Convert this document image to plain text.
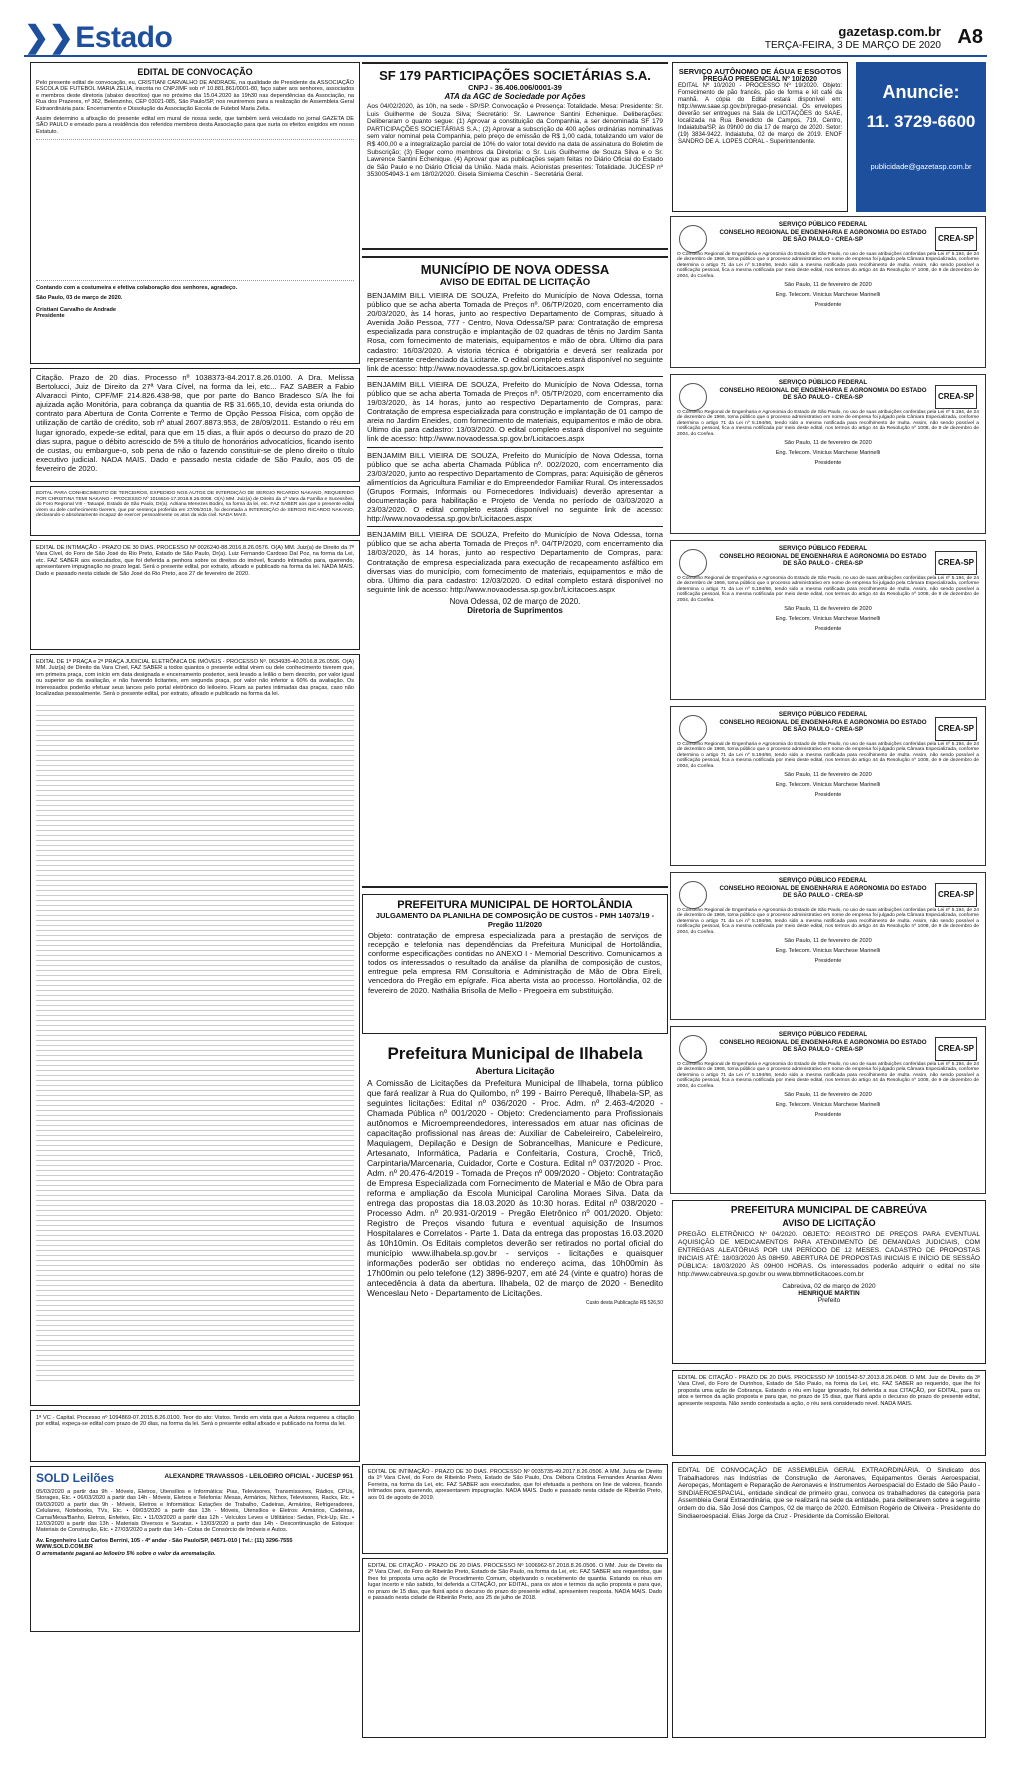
❯❯Estado	gazetasp.com.br
TERÇA-FEIRA, 3 DE MARÇO DE 2020 A8
EDITAL DE CONVOCAÇÃO
Pelo presente edital de convocação, eu, CRISTIANI CARVALHO DE ANDRADE, na qualidade de Presidente da ASSOCIAÇÃO ESCOLA DE FUTEBOL MARIA ZELIA, inscrita no CNPJ/MF sob nº 10.881.861/0001-80, faço saber aos senhores, associados e membros deste diretoria (abaixo descritos) que no próximo dia 15.04.2020 às 19h30 nas dependências da Associação, na Rua dos Prazeres, nº 362, Belenzinho, CEP 03021-085, São Paulo/SP, nos reuniremos para a realização de Assembleia Geral Extraordinária para: Encerramento e Dissolução da Associação Escola de Futebol Maria Zelia.
Assim determino a afixação do presente edital em mural de nossa sede, que também será veiculado no jornal GAZETA DE SÃO PAULO e enviado para a residência dos referidos membros desta Associação para que surta os efeitos exigidos em nosso Estatuto.
Contando com a costumeira e efetiva colaboração dos senhores, agradeço.
São Paulo, 03 de março de 2020.
Cristiani Carvalho de Andrade
Presidente
Citação. Prazo de 20 dias. Processo nº 1038373-84.2017.8.26.0100. A Dra. Melissa Bertolucci, Juiz de Direito da 27ª Vara Cível, na forma da lei, etc... FAZ SABER a Fabio Alvaracci Pinto, CPF/MF 214.826.438-98, que por parte do Banco Bradesco S/A lhe foi ajuizada ação Monitória, para cobrança da quantia de R$ 31.665,10, devida esta oriunda do contrato para Abertura de Conta Corrente e Termo de Opção Pessoa Física, com opção de utilização de cartão de crédito, sob nº atual 2607.8873.953, de 28/09/2011. Estando o réu em lugar ignorado, expede-se edital, para que em 15 dias, a fluir após o decurso do prazo de 20 dias supra, pague o débito acrescido de 5% a título de honorários advocatícios, ficando isento de custas, ou embargue-o, sob pena de não o fazendo constituir-se de pleno direito o título executivo judicial. NADA MAIS. Dado e passado nesta cidade de São Paulo, aos 05 de fevereiro de 2020.
EDITAL PARA CONHECIMENTO DE TERCEIROS, EXPEDIDO NOS AUTOS DE INTERDIÇÃO DE SERGIO RICARDO NAKANO, REQUERIDO POR CHRISTINA TEMI NAKANO - PROCESSO Nº 1016816-17.2018.8.26.0008. O(A) MM. Juiz(a) de Direito da 1ª Vara da Família e Sucessões, do Foro Regional VIII - Tatuapé, Estado de São Paulo, Dr(a). Adriana Menezes Bodini, na forma da lei, etc. FAZ SABER aos que o presente edital virem ou dele conhecimento tiverem, que por sentença proferida em 27/05/2019, foi decretada a INTERDIÇÃO de SERGIO RICARDO NAKANO, declarando-o absolutamente incapaz de exercer pessoalmente os atos da vida civil. NADA MAIS.
EDITAL DE INTIMAÇÃO - PRAZO DE 30 DIAS. PROCESSO Nº 0026240-88.2016.8.26.0576. O(A) MM. Juiz(a) de Direito da 7ª Vara Cível, do Foro de São José do Rio Preto, Estado de São Paulo, Dr(a). Luiz Fernando Cardoso Dal Poz, na forma da Lei, etc. FAZ SABER aos executados, que foi deferida a penhora sobre os direitos do imóvel, ficando intimados para, querendo, apresentarem impugnação no prazo legal. Será o presente edital, por extrato, afixado e publicado na forma da lei. NADA MAIS. Dado e passado nesta cidade de São José do Rio Preto, aos 27 de fevereiro de 2020.
EDITAL DE 1ª PRAÇA e 2ª PRAÇA JUDICIAL ELETRÔNICA DE IMÓVEIS - PROCESSO Nº. 0634935-40.2016.8.26.0506. O(A) MM. Juiz(a) de Direito da Vara Cível, FAZ SABER a todos quantos o presente edital virem ou dele conhecimento tiverem que, em primeira praça, com início em data designada e encerramento posterior, será levado a leilão o bem descrito, por valor igual ou superior ao da avaliação, e não havendo licitantes, em segunda praça, por valor não inferior a 60% da avaliação. Os interessados poderão efetuar seus lances pelo portal eletrônico do leiloeiro. Ficam as partes intimadas das praças, caso não localizadas pessoalmente. Será o presente edital, por extrato, afixado e publicado na forma da lei.
1ª VC - Capital. Processo nº 1094869-07.2015.8.26.0100. Teor do ato: Vistos. Tendo em vista que a Autora requereu a citação por edital, expeça-se edital com prazo de 20 dias, na forma da lei. Será o presente edital afixado e publicado na forma da lei.
SOLD Leilões	ALEXANDRE TRAVASSOS - LEILOEIRO OFICIAL - JUCESP 951
05/03/2020 a partir das 9h - Móveis, Eletros, Utensílios e Informática: Pias, Televisores, Transmissores, Rádios, CPUs, Storages, Etc. • 06/03/2020 a partir das 14h - Móveis, Eletros e Telefonia: Mesas, Armários, Nichos, Televisores, Racks, Etc. • 09/03/2020 a partir das 9h - Móveis, Eletros e Informática: Estações de Trabalho, Cadeiras, Armários, Refrigeradores, Celulares, Notebooks, TVs, Etc. • 09/03/2020 a partir das 13h - Móveis, Utensílios e Eletros: Armários, Cadeiras, Cama/Mesa/Banho, Eletros, Enfeites, Etc. • 11/03/2020 a partir das 12h - Veículos Leves e Utilitários: Sedan, Pick-Up, Etc. • 12/03/2020 a partir das 13h - Materiais Diversos e Sucatas. • 13/03/2020 a partir das 14h - Descontinuação de Estoque: Materiais de Construção, Etc. • 27/03/2020 a partir das 14h - Cotas de Consórcio de Imóveis e Autos.
Av. Engenheiro Luiz Carlos Berrini, 105 - 4º andar - São Paulo/SP, 04571-010 | Tel.: (11) 3296-7555
WWW.SOLD.COM.BR
O arrematante pagará ao leiloeiro 5% sobre o valor da arrematação.
SF 179 PARTICIPAÇÕES SOCIETÁRIAS S.A.
CNPJ - 36.406.006/0001-39
ATA da AGC de Sociedade por Ações
Aos 04/02/2020, às 10h, na sede - SP/SP. Convocação e Presença: Totalidade. Mesa: Presidente: Sr. Luis Guilherme de Souza Silva; Secretário: Sr. Lawrence Santini Echenique. Deliberações: Deliberaram o quanto segue: (1) Aprovar a constituição da Companhia, a ser denominada SF 179 PARTICIPAÇÕES SOCIETÁRIAS S.A.; (2) Aprovar a subscrição de 400 ações ordinárias nominativas sem valor nominal pela Companhia, pelo preço de emissão de R$ 1,00 cada, totalizando um valor de R$ 400,00 e a integralização parcial de 10% do valor total devido na data de assinatura do Boletim de Subscrição; (3) Eleger como membros da Diretoria: o Sr. Luis Guilherme de Souza Silva e o Sr. Lawrence Santini Echenique. (4) Aprovar que as publicações sejam feitas no Diário Oficial do Estado de São Paulo e no Diário Oficial da União. Nada mais. Acionistas presentes: Totalidade. JUCESP nº 3530054943-1 em 18/02/2020. Gisela Simiema Ceschin - Secretária Geral.
MUNICÍPIO DE NOVA ODESSA
AVISO DE EDITAL DE LICITAÇÃO
BENJAMIM BILL VIEIRA DE SOUZA, Prefeito do Município de Nova Odessa, torna público que se acha aberta Tomada de Preços nº. 06/TP/2020, com encerramento dia 20/03/2020, às 14 horas, junto ao respectivo Departamento de Compras, situado à Avenida João Pessoa, 777 - Centro, Nova Odessa/SP para: Contratação de empresa especializada para construção e implantação de 02 quadras de tênis no Jardim Santa Rosa, com fornecimento de materiais, equipamentos e mão de obra. Último dia para cadastro: 16/03/2020. A vistoria técnica é obrigatória e deverá ser realizada por representante credenciado da Licitante. O edital completo estará disponível no seguinte link de acesso: http://www.novaodessa.sp.gov.br/Licitacoes.aspx
BENJAMIM BILL VIEIRA DE SOUZA, Prefeito do Município de Nova Odessa, torna público que se acha aberta Tomada de Preços nº. 05/TP/2020, com encerramento dia 19/03/2020, às 14 horas, junto ao respectivo Departamento de Compras, para: Contratação de empresa especializada para construção e implantação de 01 campo de areia no Jardim Eneides, com fornecimento de materiais, equipamentos e mão de obra. Último dia para cadastro: 13/03/2020. O edital completo estará disponível no seguinte link de acesso: http://www.novaodessa.sp.gov.br/Licitacoes.aspx
BENJAMIM BILL VIEIRA DE SOUZA, Prefeito do Município de Nova Odessa, torna público que se acha aberta Chamada Pública nº. 002/2020, com encerramento dia 23/03/2020, junto ao respectivo Departamento de Compras, para: Aquisição de gêneros alimentícios da Agricultura Familiar e do Empreendedor Familiar Rural. Os interessados (Grupos Formais, Informais ou Fornecedores Individuais) deverão apresentar a documentação para habilitação e Projeto de Venda no período de 03/03/2020 a 23/03/2020. O edital completo estará disponível no seguinte link de acesso: http://www.novaodessa.sp.gov.br/Licitacoes.aspx
BENJAMIM BILL VIEIRA DE SOUZA, Prefeito do Município de Nova Odessa, torna público que se acha aberta Tomada de Preços nº. 04/TP/2020, com encerramento dia 18/03/2020, às 14 horas, junto ao respectivo Departamento de Compras, para: Contratação de empresa especializada para execução de recapeamento asfáltico em diversas vias do município, com fornecimento de materiais, equipamentos e mão de obra. Último dia para cadastro: 12/03/2020. O edital completo estará disponível no seguinte link de acesso: http://www.novaodessa.sp.gov.br/Licitacoes.aspx
Nova Odessa, 02 de março de 2020.
Diretoria de Suprimentos
PREFEITURA MUNICIPAL DE HORTOLÂNDIA
JULGAMENTO DA PLANILHA DE COMPOSIÇÃO DE CUSTOS - PMH 14073/19 - Pregão 11/2020
Objeto: contratação de empresa especializada para a prestação de serviços de recepção e telefonia nas dependências da Prefeitura Municipal de Hortolândia, conforme especificações contidas no ANEXO I - Memorial Descritivo. Comunicamos a todos os interessados o resultado da análise da planilha de composição de custos, entregue pela empresa RM Consultoria e Administração de Mão de Obra Eireli, vencedora do Pregão em epígrafe. Fica aberta vista ao processo. Hortolândia, 02 de fevereiro de 2020. Nathália Brisolla de Mello - Pregoeira em substituição.
Prefeitura Municipal de Ilhabela
Abertura Licitação
A Comissão de Licitações da Prefeitura Municipal de Ilhabela, torna público que fará realizar à Rua do Quilombo, nº 199 - Bairro Perequê, Ilhabela-SP, as seguintes licitações: Edital nº 036/2020 - Proc. Adm. nº 2.463-4/2020 - Chamada Pública nº 001/2020 - Objeto: Credenciamento para Profissionais autônomos e Microempreendedores, interessados em atuar nas oficinas de capacitação profissional nas áreas de: Auxiliar de Cabeleireiro, Cabeleireiro, Maquiagem, Depilação e Design de Sobrancelhas, Manicure e Pedicure, Artesanato, Informática, Padaria e Confeitaria, Costura, Crochê, Tricô, Carpintaria/Marcenaria, Cuidador, Corte e Costura. Edital nº 037/2020 - Proc. Adm. nº 20.476-4/2019 - Tomada de Preços nº 009/2020 - Objeto: Contratação de Empresa Especializada com Fornecimento de Material e Mão de Obra para reforma e ampliação da Escola Municipal Carolina Moraes Silva. Data da entrega das propostas dia 18.03.2020 às 10:30 horas. Edital nº 038/2020 - Processo Adm. nº 20.931-0/2019 - Pregão Eletrônico nº 001/2020. Objeto: Registro de Preços visando futura e eventual aquisição de Insumos Hospitalares e Correlatos - Parte 1. Data da entrega das propostas 16.03.2020 às 10h10min. Os Editais completos deverão ser retirados no portal oficial do município www.ilhabela.sp.gov.br - serviços - licitações e quaisquer informações poderão ser obtidas no endereço acima, das 10h00min às 17h00min ou pelo telefone (12) 3896-9207, em até 24 (vinte e quatro) horas de antecedência à data da abertura. Ilhabela, 02 de março de 2020 - Benedito Wenceslau Neto - Departamento de Licitações.
Custo desta Publicação R$ 526,50
EDITAL DE INTIMAÇÃO - PRAZO DE 30 DIAS. PROCESSO Nº 0035735-49.2017.8.26.0506. A MM. Juíza de Direito da 1ª Vara Cível, do Foro de Ribeirão Preto, Estado de São Paulo, Dra. Débora Cristina Fernandes Ananias Alves Ferreira, na forma da Lei, etc. FAZ SABER aos executados, que foi efetuada a penhora on line de valores, ficando intimados para, querendo, apresentarem impugnação. NADA MAIS. Dado e passado nesta cidade de Ribeirão Preto, aos 01 de agosto de 2019.
EDITAL DE CITAÇÃO - PRAZO DE 20 DIAS. PROCESSO Nº 1006962-57.2018.8.26.0506. O MM. Juiz de Direito da 2ª Vara Cível, do Foro de Ribeirão Preto, Estado de São Paulo, na forma da Lei, etc. FAZ SABER aos requeridos, que lhes foi proposta uma ação de Procedimento Comum, objetivando o recebimento de quantia. Estando os réus em lugar incerto e não sabido, foi deferida a CITAÇÃO, por EDITAL, para os atos e termos da ação proposta e para que, no prazo de 15 dias, que fluirá após o decurso do prazo do presente edital, apresentem resposta. NADA MAIS. Dado e passado nesta cidade de Ribeirão Preto, aos 25 de julho de 2018.
SERVIÇO AUTÔNOMO DE ÁGUA E ESGOTOS
PREGÃO PRESENCIAL Nº 10/2020
EDITAL Nº 10/2020 - PROCESSO Nº 19/2020. Objeto: Fornecimento de pão francês, pão de forma e kit café da manhã. A cópia do Edital estará disponível em: http://www.saae.sp.gov.br/pregao-presencial. Os envelopes deverão ser entregues na Sala de LICITAÇÕES do SAAE, localizada na Rua Benedicto de Campos, 719, Centro, Indaiatuba/SP, às 09h00 do dia 17 de março de 2020. Setor: (19) 3834-9422. Indaiatuba, 02 de março de 2019. ENOF SANDRO DE A. LOPES CORAL - Superintendente.
Anuncie:
11. 3729-6600
publicidade@gazetasp.com.br
CREA-SP
SERVIÇO PÚBLICO FEDERAL
CONSELHO REGIONAL DE ENGENHARIA E AGRONOMIA DO ESTADO DE SÃO PAULO - CREA-SP
O Conselho Regional de Engenharia e Agronomia do Estado de São Paulo, no uso de suas atribuições conferidas pela Lei nº 5.194, de 24 de dezembro de 1966, torna público que o processo administrativo em nome de empresa foi julgado pela Câmara Especializada, conforme determina o artigo 71 da Lei nº 5.194/66, tendo sido a mesma notificada para recolhimento de multa. Assim, não sendo possível a notificação pessoal, fica a mesma notificada por meio deste edital, nos termos do artigo 44 da Resolução nº 1008, de 9 de dezembro de 2004, do Confea.
São Paulo, 11 de fevereiro de 2020
Eng. Telecom. Vinicius Marchese Marinelli
Presidente
CREA-SP
SERVIÇO PÚBLICO FEDERAL
CONSELHO REGIONAL DE ENGENHARIA E AGRONOMIA DO ESTADO DE SÃO PAULO - CREA-SP
O Conselho Regional de Engenharia e Agronomia do Estado de São Paulo, no uso de suas atribuições conferidas pela Lei nº 5.194, de 24 de dezembro de 1966, torna público que o processo administrativo em nome de empresa foi julgado pela Câmara Especializada, conforme determina o artigo 71 da Lei nº 5.194/66, tendo sido a mesma notificada para recolhimento de multa. Assim, não sendo possível a notificação pessoal, fica a mesma notificada por meio deste edital, nos termos do artigo 44 da Resolução nº 1008, de 9 de dezembro de 2004, do Confea.
São Paulo, 11 de fevereiro de 2020
Eng. Telecom. Vinicius Marchese Marinelli
Presidente
CREA-SP
SERVIÇO PÚBLICO FEDERAL
CONSELHO REGIONAL DE ENGENHARIA E AGRONOMIA DO ESTADO DE SÃO PAULO - CREA-SP
O Conselho Regional de Engenharia e Agronomia do Estado de São Paulo, no uso de suas atribuições conferidas pela Lei nº 5.194, de 24 de dezembro de 1966, torna público que o processo administrativo em nome de empresa foi julgado pela Câmara Especializada, conforme determina o artigo 71 da Lei nº 5.194/66, tendo sido a mesma notificada para recolhimento de multa. Assim, não sendo possível a notificação pessoal, fica a mesma notificada por meio deste edital, nos termos do artigo 44 da Resolução nº 1008, de 9 de dezembro de 2004, do Confea.
São Paulo, 11 de fevereiro de 2020
Eng. Telecom. Vinicius Marchese Marinelli
Presidente
CREA-SP
SERVIÇO PÚBLICO FEDERAL
CONSELHO REGIONAL DE ENGENHARIA E AGRONOMIA DO ESTADO DE SÃO PAULO - CREA-SP
O Conselho Regional de Engenharia e Agronomia do Estado de São Paulo, no uso de suas atribuições conferidas pela Lei nº 5.194, de 24 de dezembro de 1966, torna público que o processo administrativo em nome de empresa foi julgado pela Câmara Especializada, conforme determina o artigo 71 da Lei nº 5.194/66, tendo sido a mesma notificada para recolhimento de multa. Assim, não sendo possível a notificação pessoal, fica a mesma notificada por meio deste edital, nos termos do artigo 44 da Resolução nº 1008, de 9 de dezembro de 2004, do Confea.
São Paulo, 11 de fevereiro de 2020
Eng. Telecom. Vinicius Marchese Marinelli
Presidente
CREA-SP
SERVIÇO PÚBLICO FEDERAL
CONSELHO REGIONAL DE ENGENHARIA E AGRONOMIA DO ESTADO DE SÃO PAULO - CREA-SP
O Conselho Regional de Engenharia e Agronomia do Estado de São Paulo, no uso de suas atribuições conferidas pela Lei nº 5.194, de 24 de dezembro de 1966, torna público que o processo administrativo em nome de empresa foi julgado pela Câmara Especializada, conforme determina o artigo 71 da Lei nº 5.194/66, tendo sido a mesma notificada para recolhimento de multa. Assim, não sendo possível a notificação pessoal, fica a mesma notificada por meio deste edital, nos termos do artigo 44 da Resolução nº 1008, de 9 de dezembro de 2004, do Confea.
São Paulo, 11 de fevereiro de 2020
Eng. Telecom. Vinicius Marchese Marinelli
Presidente
CREA-SP
SERVIÇO PÚBLICO FEDERAL
CONSELHO REGIONAL DE ENGENHARIA E AGRONOMIA DO ESTADO DE SÃO PAULO - CREA-SP
O Conselho Regional de Engenharia e Agronomia do Estado de São Paulo, no uso de suas atribuições conferidas pela Lei nº 5.194, de 24 de dezembro de 1966, torna público que o processo administrativo em nome de empresa foi julgado pela Câmara Especializada, conforme determina o artigo 71 da Lei nº 5.194/66, tendo sido a mesma notificada para recolhimento de multa. Assim, não sendo possível a notificação pessoal, fica a mesma notificada por meio deste edital, nos termos do artigo 44 da Resolução nº 1008, de 9 de dezembro de 2004, do Confea.
São Paulo, 11 de fevereiro de 2020
Eng. Telecom. Vinicius Marchese Marinelli
Presidente
PREFEITURA MUNICIPAL DE CABREÚVA
AVISO DE LICITAÇÃO
PREGÃO ELETRÔNICO Nº 04/2020. OBJETO: REGISTRO DE PREÇOS PARA EVENTUAL AQUISIÇÃO DE MEDICAMENTOS PARA ATENDIMENTO DE DEMANDAS JUDICIAIS, COM ENTREGAS ALEATÓRIAS POR UM PERÍODO DE 12 MESES. CADASTRO DE PROPOSTAS INICIAIS ATÉ: 18/03/2020 ÀS 08H59. ABERTURA DE PROPOSTAS INICIAIS E INÍCIO DE SESSÃO PÚBLICA: 18/03/2020 ÀS 09H00 HORAS. Os interessados poderão adquirir o edital no site http://www.cabreuva.sp.gov.br ou www.bbmnetlicitacoes.com.br
Cabreúva, 02 de março de 2020
HENRIQUE MARTIN
Prefeito
EDITAL DE CITAÇÃO - PRAZO DE 20 DIAS. PROCESSO Nº 1001542-57.2013.8.26.0408. O MM. Juiz de Direito da 3ª Vara Cível, do Foro de Ourinhos, Estado de São Paulo, na forma da Lei, etc. FAZ SABER ao requerido, que lhe foi proposta uma ação de Cobrança. Estando o réu em lugar ignorado, foi deferida a sua CITAÇÃO, por EDITAL, para os atos e termos da ação proposta e para que, no prazo de 15 dias, que fluirá após o decurso do prazo do presente edital, apresente resposta. Não sendo contestada a ação, o réu será considerado revel. NADA MAIS.
EDITAL DE CONVOCAÇÃO DE ASSEMBLEIA GERAL EXTRAORDINÁRIA. O Sindicato dos Trabalhadores nas Indústrias de Construção de Aeronaves, Equipamentos Gerais Aeroespacial, Aeropeças, Montagem e Reparação de Aeronaves e Instrumentos Aeroespacial do Estado de São Paulo - SINDIAEROESPACIAL, entidade sindical de primeiro grau, convoca os trabalhadores da categoria para Assembleia Geral Extraordinária, que se realizará na sede da entidade, para deliberarem sobre a seguinte ordem do dia. São José dos Campos, 02 de março de 2020. Edmilson Rogério de Oliveira - Presidente do Sindiaeroespacial. Elias Jorge da Cruz - Presidente da Comissão Eleitoral.
